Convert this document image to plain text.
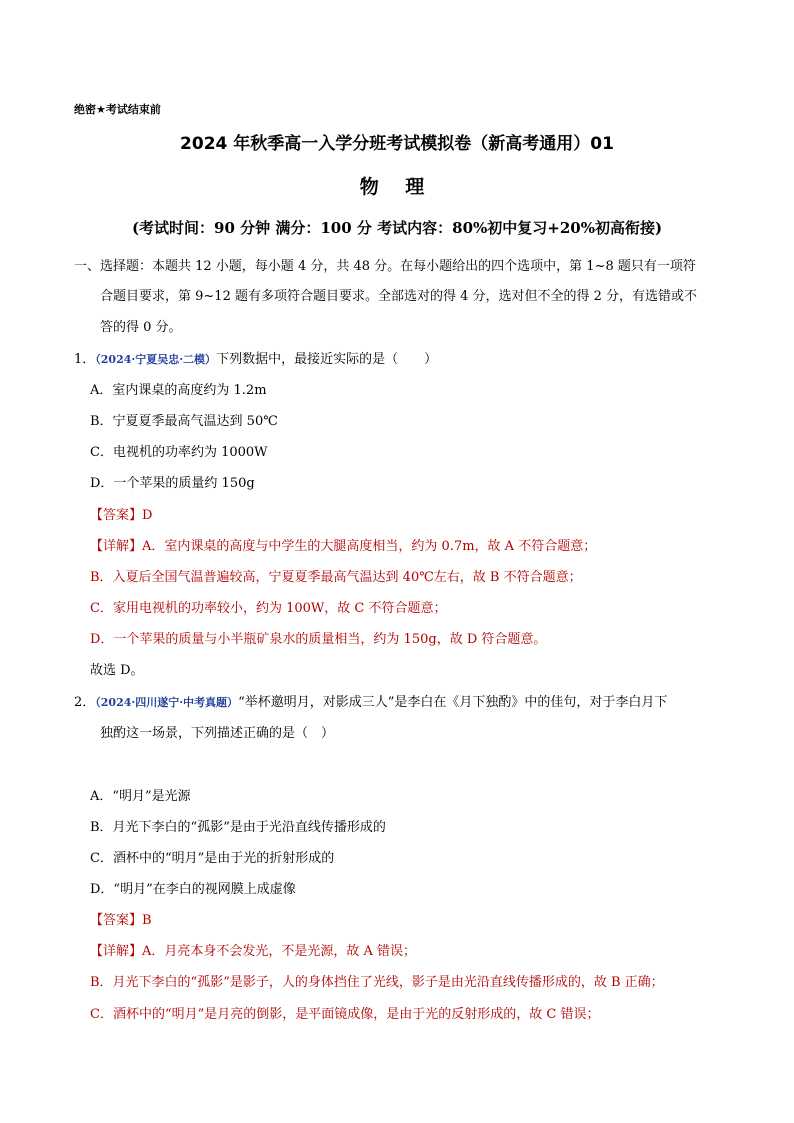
绝密★考试结束前
2024 年秋季高一入学分班考试模拟卷（新高考通用）01
物 理
(考试时间：90 分钟 满分：100 分 考试内容：80%初中复习+20%初高衔接)
一、选择题：本题共 12 小题，每小题 4 分，共 48 分。在每小题给出的四个选项中，第 1~8 题只有一项符
合题目要求，第 9~12 题有多项符合题目要求。全部选对的得 4 分，选对但不全的得 2 分，有选错或不
答的得 0 分。
1．（2024·宁夏吴忠·二模）下列数据中，最接近实际的是（　　）
A．室内课桌的高度约为 1.2m
B．宁夏夏季最高气温达到 50℃
C．电视机的功率约为 1000W
D．一个苹果的质量约 150g
【答案】D
【详解】A．室内课桌的高度与中学生的大腿高度相当，约为 0.7m，故 A 不符合题意；
B．入夏后全国气温普遍较高，宁夏夏季最高气温达到 40℃左右，故 B 不符合题意；
C．家用电视机的功率较小，约为 100W，故 C 不符合题意；
D．一个苹果的质量与小半瓶矿泉水的质量相当，约为 150g，故 D 符合题意。
故选 D。
2．（2024·四川遂宁·中考真题）“举杯邀明月，对影成三人”是李白在《月下独酌》中的佳句，对于李白月下
独酌这一场景，下列描述正确的是（　）
A．“明月”是光源
B．月光下李白的“孤影”是由于光沿直线传播形成的
C．酒杯中的“明月”是由于光的折射形成的
D．“明月”在李白的视网膜上成虚像
【答案】B
【详解】A．月亮本身不会发光，不是光源，故 A 错误；
B．月光下李白的“孤影”是影子，人的身体挡住了光线，影子是由光沿直线传播形成的，故 B 正确；
C．酒杯中的“明月”是月亮的倒影，是平面镜成像，是由于光的反射形成的，故 C 错误；
